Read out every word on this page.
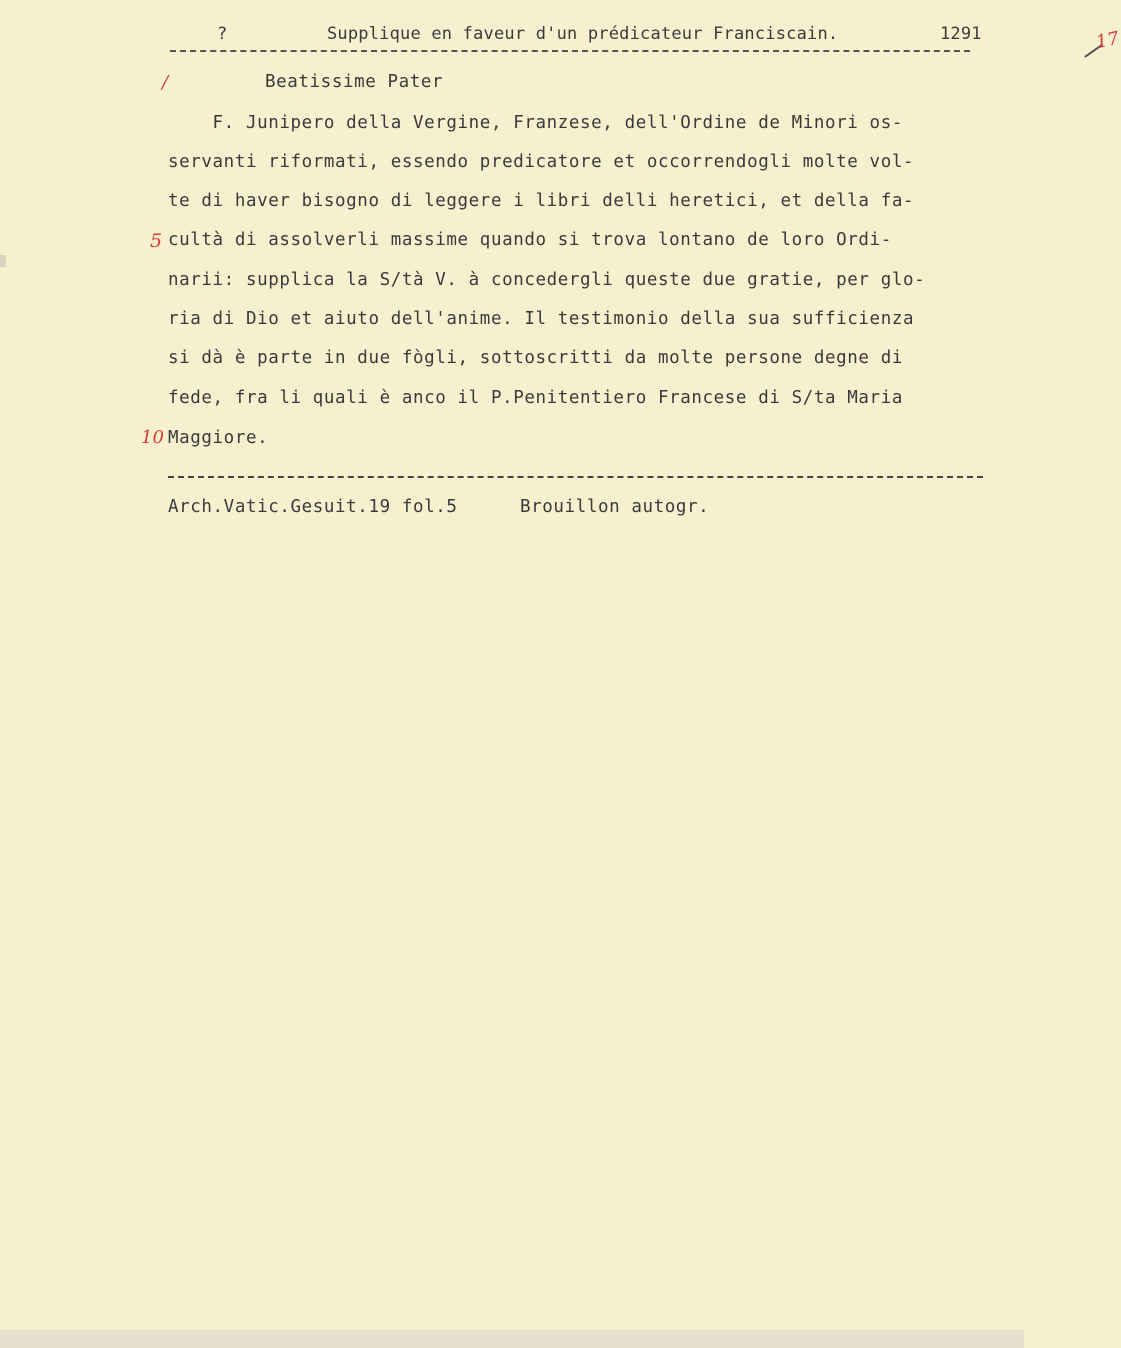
?

	Supplique en faveur d'un prédicateur Franciscain.

	1291

	17

/	Beatissime Pater
F. Junipero della Vergine, Franzese, dell'Ordine de Minori os-
servanti riformati, essendo predicatore et occorrendogli molte vol-
te di haver bisogno di leggere i libri delli heretici, et della fa-
5 cultà di assolverli massime quando si trova lontano de loro Ordi-
narii: supplica la S/tà V. à concedergli queste due gratie, per glo-
ria di Dio et aiuto dell'anime. Il testimonio della sua sufficienza
si dà è parte in due fògli, sottoscritti da molte persone degne di
fede, fra li quali è anco il P.Penitentiero Francese di S/ta Maria
10 Maggiore.
Arch.Vatic.Gesuit.19 fol.5	Brouillon autogr.
